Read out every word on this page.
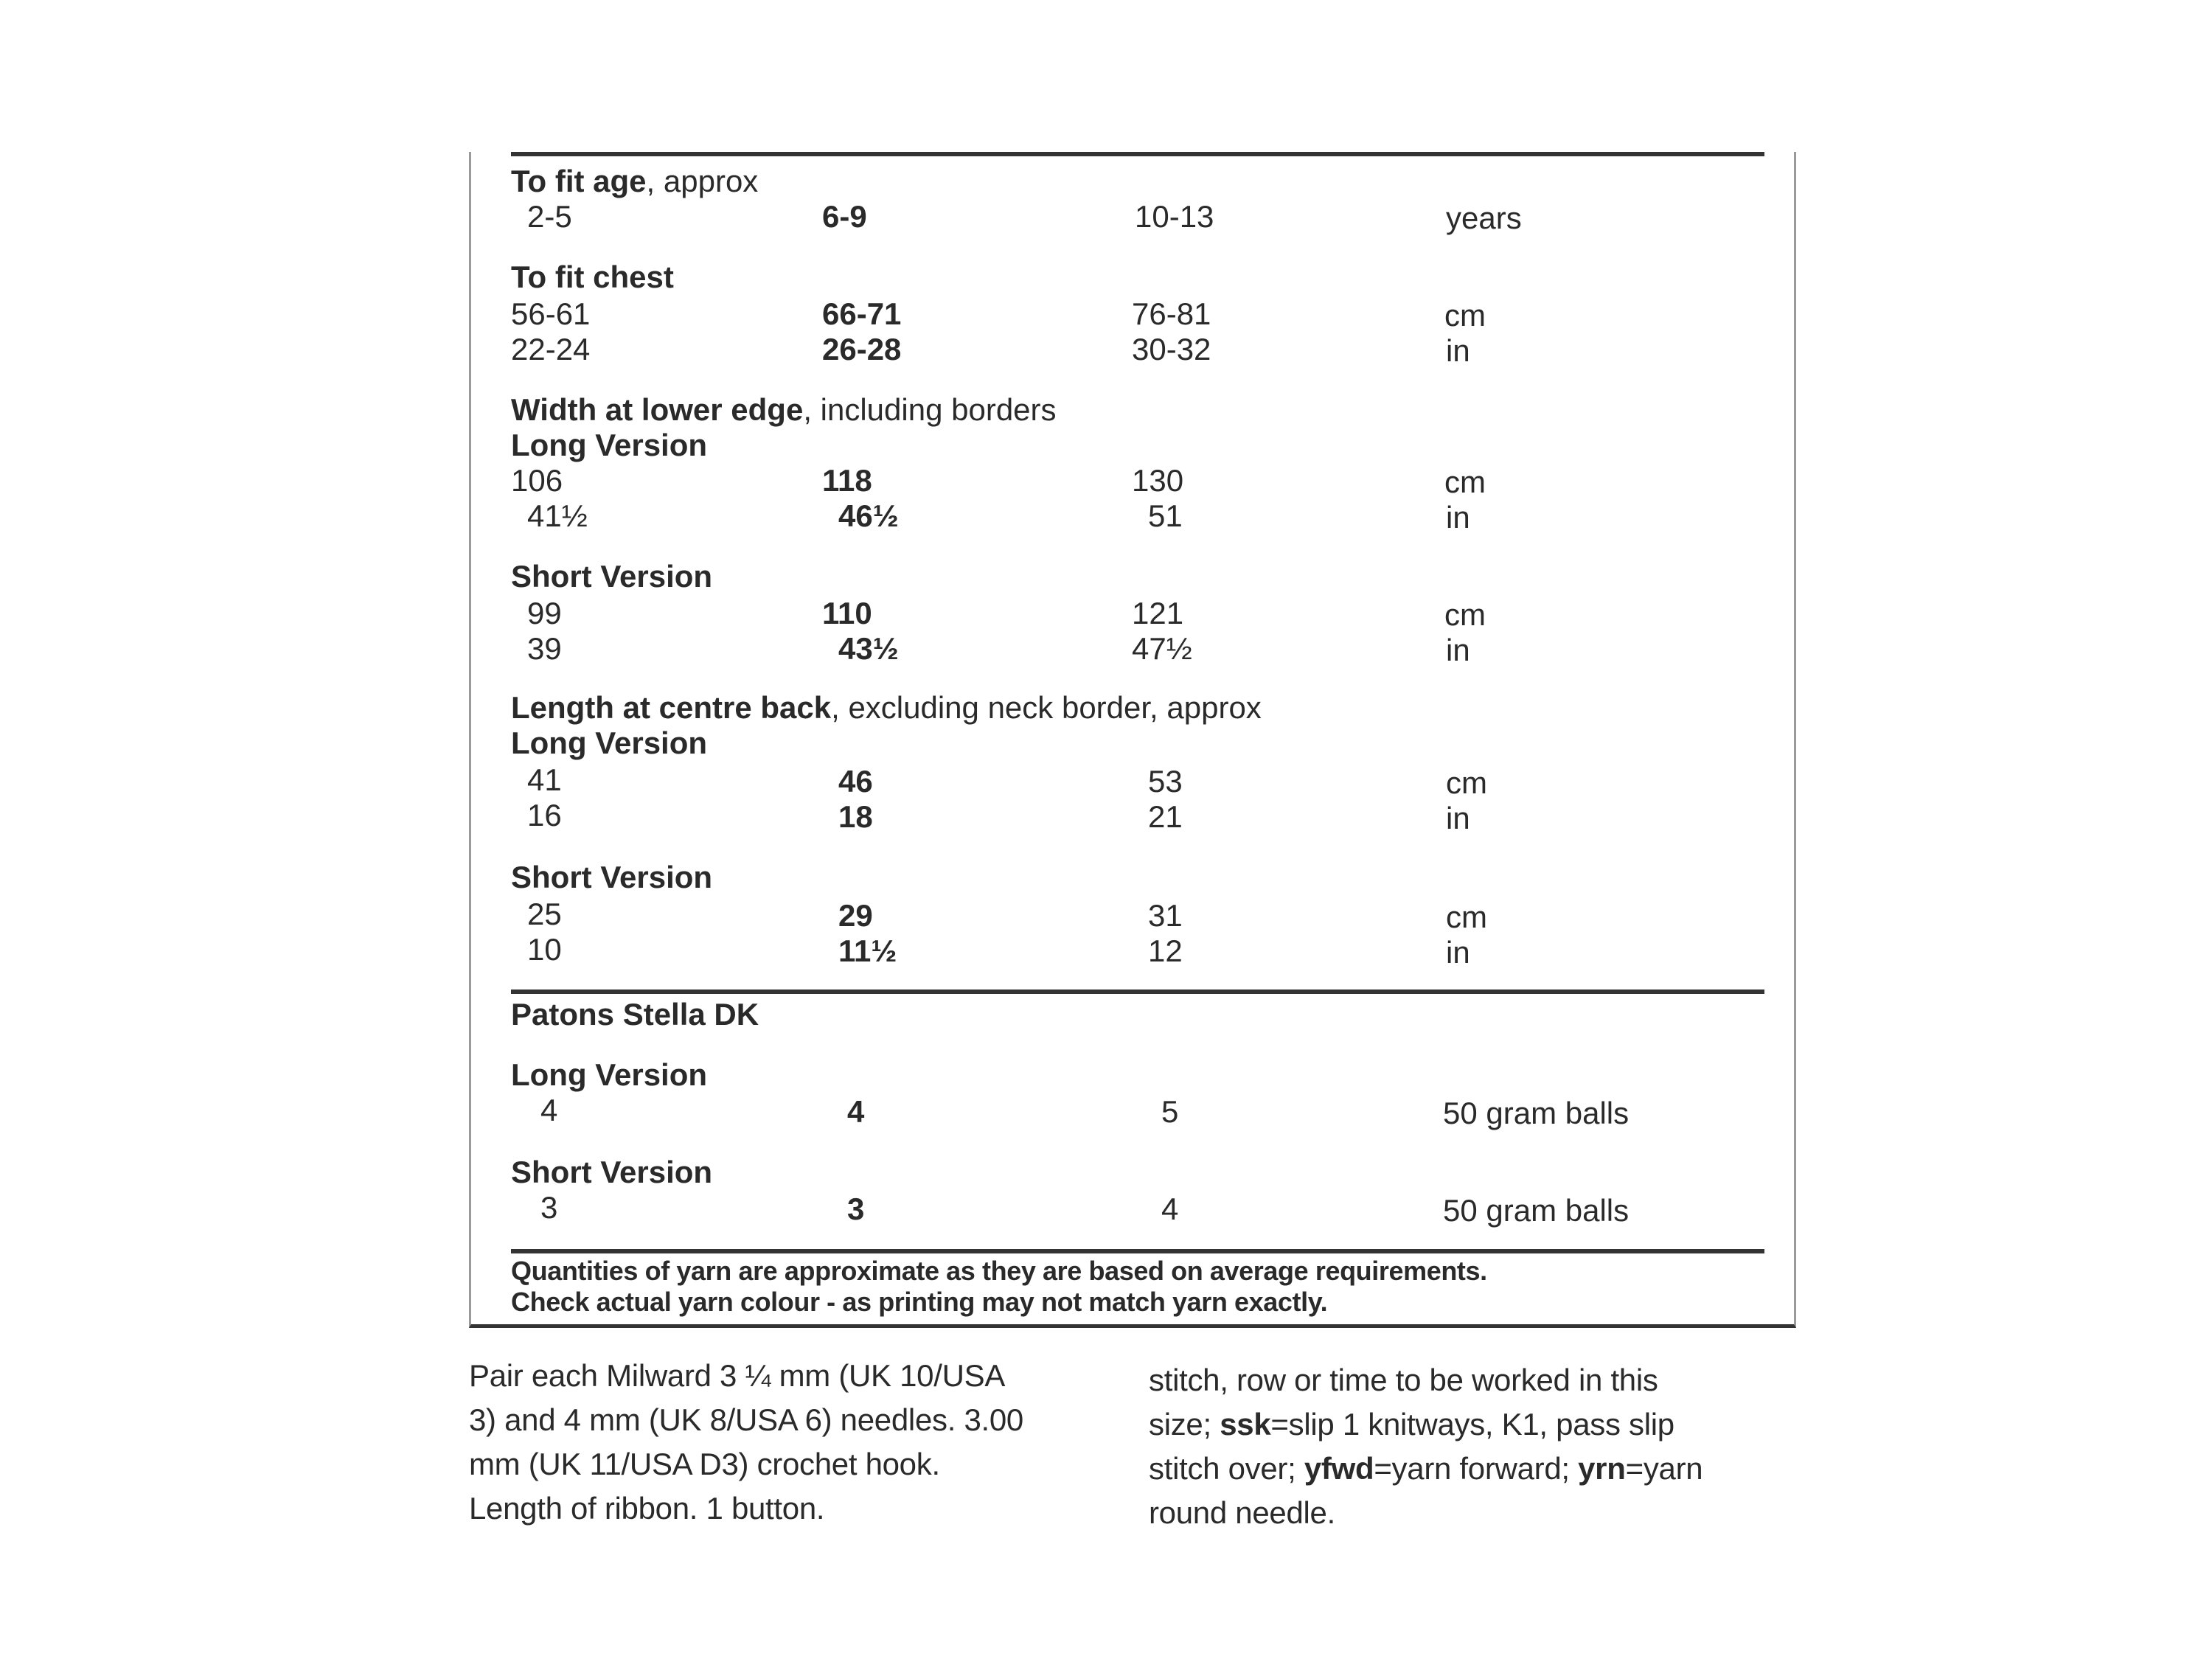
To fit age, approx
2-5	6-9	10-13	years
To fit chest
56-61	66-71	76-81	cm
22-24	26-28	30-32	in
Width at lower edge, including borders
Long Version
106	118	130	cm
41½	46½	51	in
Short Version
99	110	121	cm
39	43½	47½	in
Length at centre back, excluding neck border, approx
Long Version
41	46	53	cm
16	18	21	in
Short Version
25	29	31	cm
10	11½	12	in
Patons Stella DK
Long Version
4	4	5	50 gram balls
Short Version
3	3	4	50 gram balls
Quantities of yarn are approximate as they are based on average requirements.
Check actual yarn colour - as printing may not match yarn exactly.
Pair each Milward 3 ¼ mm (UK 10/USA
3) and 4 mm (UK 8/USA 6) needles. 3.00
mm (UK 11/USA D3) crochet hook.
Length of ribbon. 1 button.
stitch, row or time to be worked in this
size; ssk=slip 1 knitways, K1, pass slip
stitch over; yfwd=yarn forward; yrn=yarn
round needle.
